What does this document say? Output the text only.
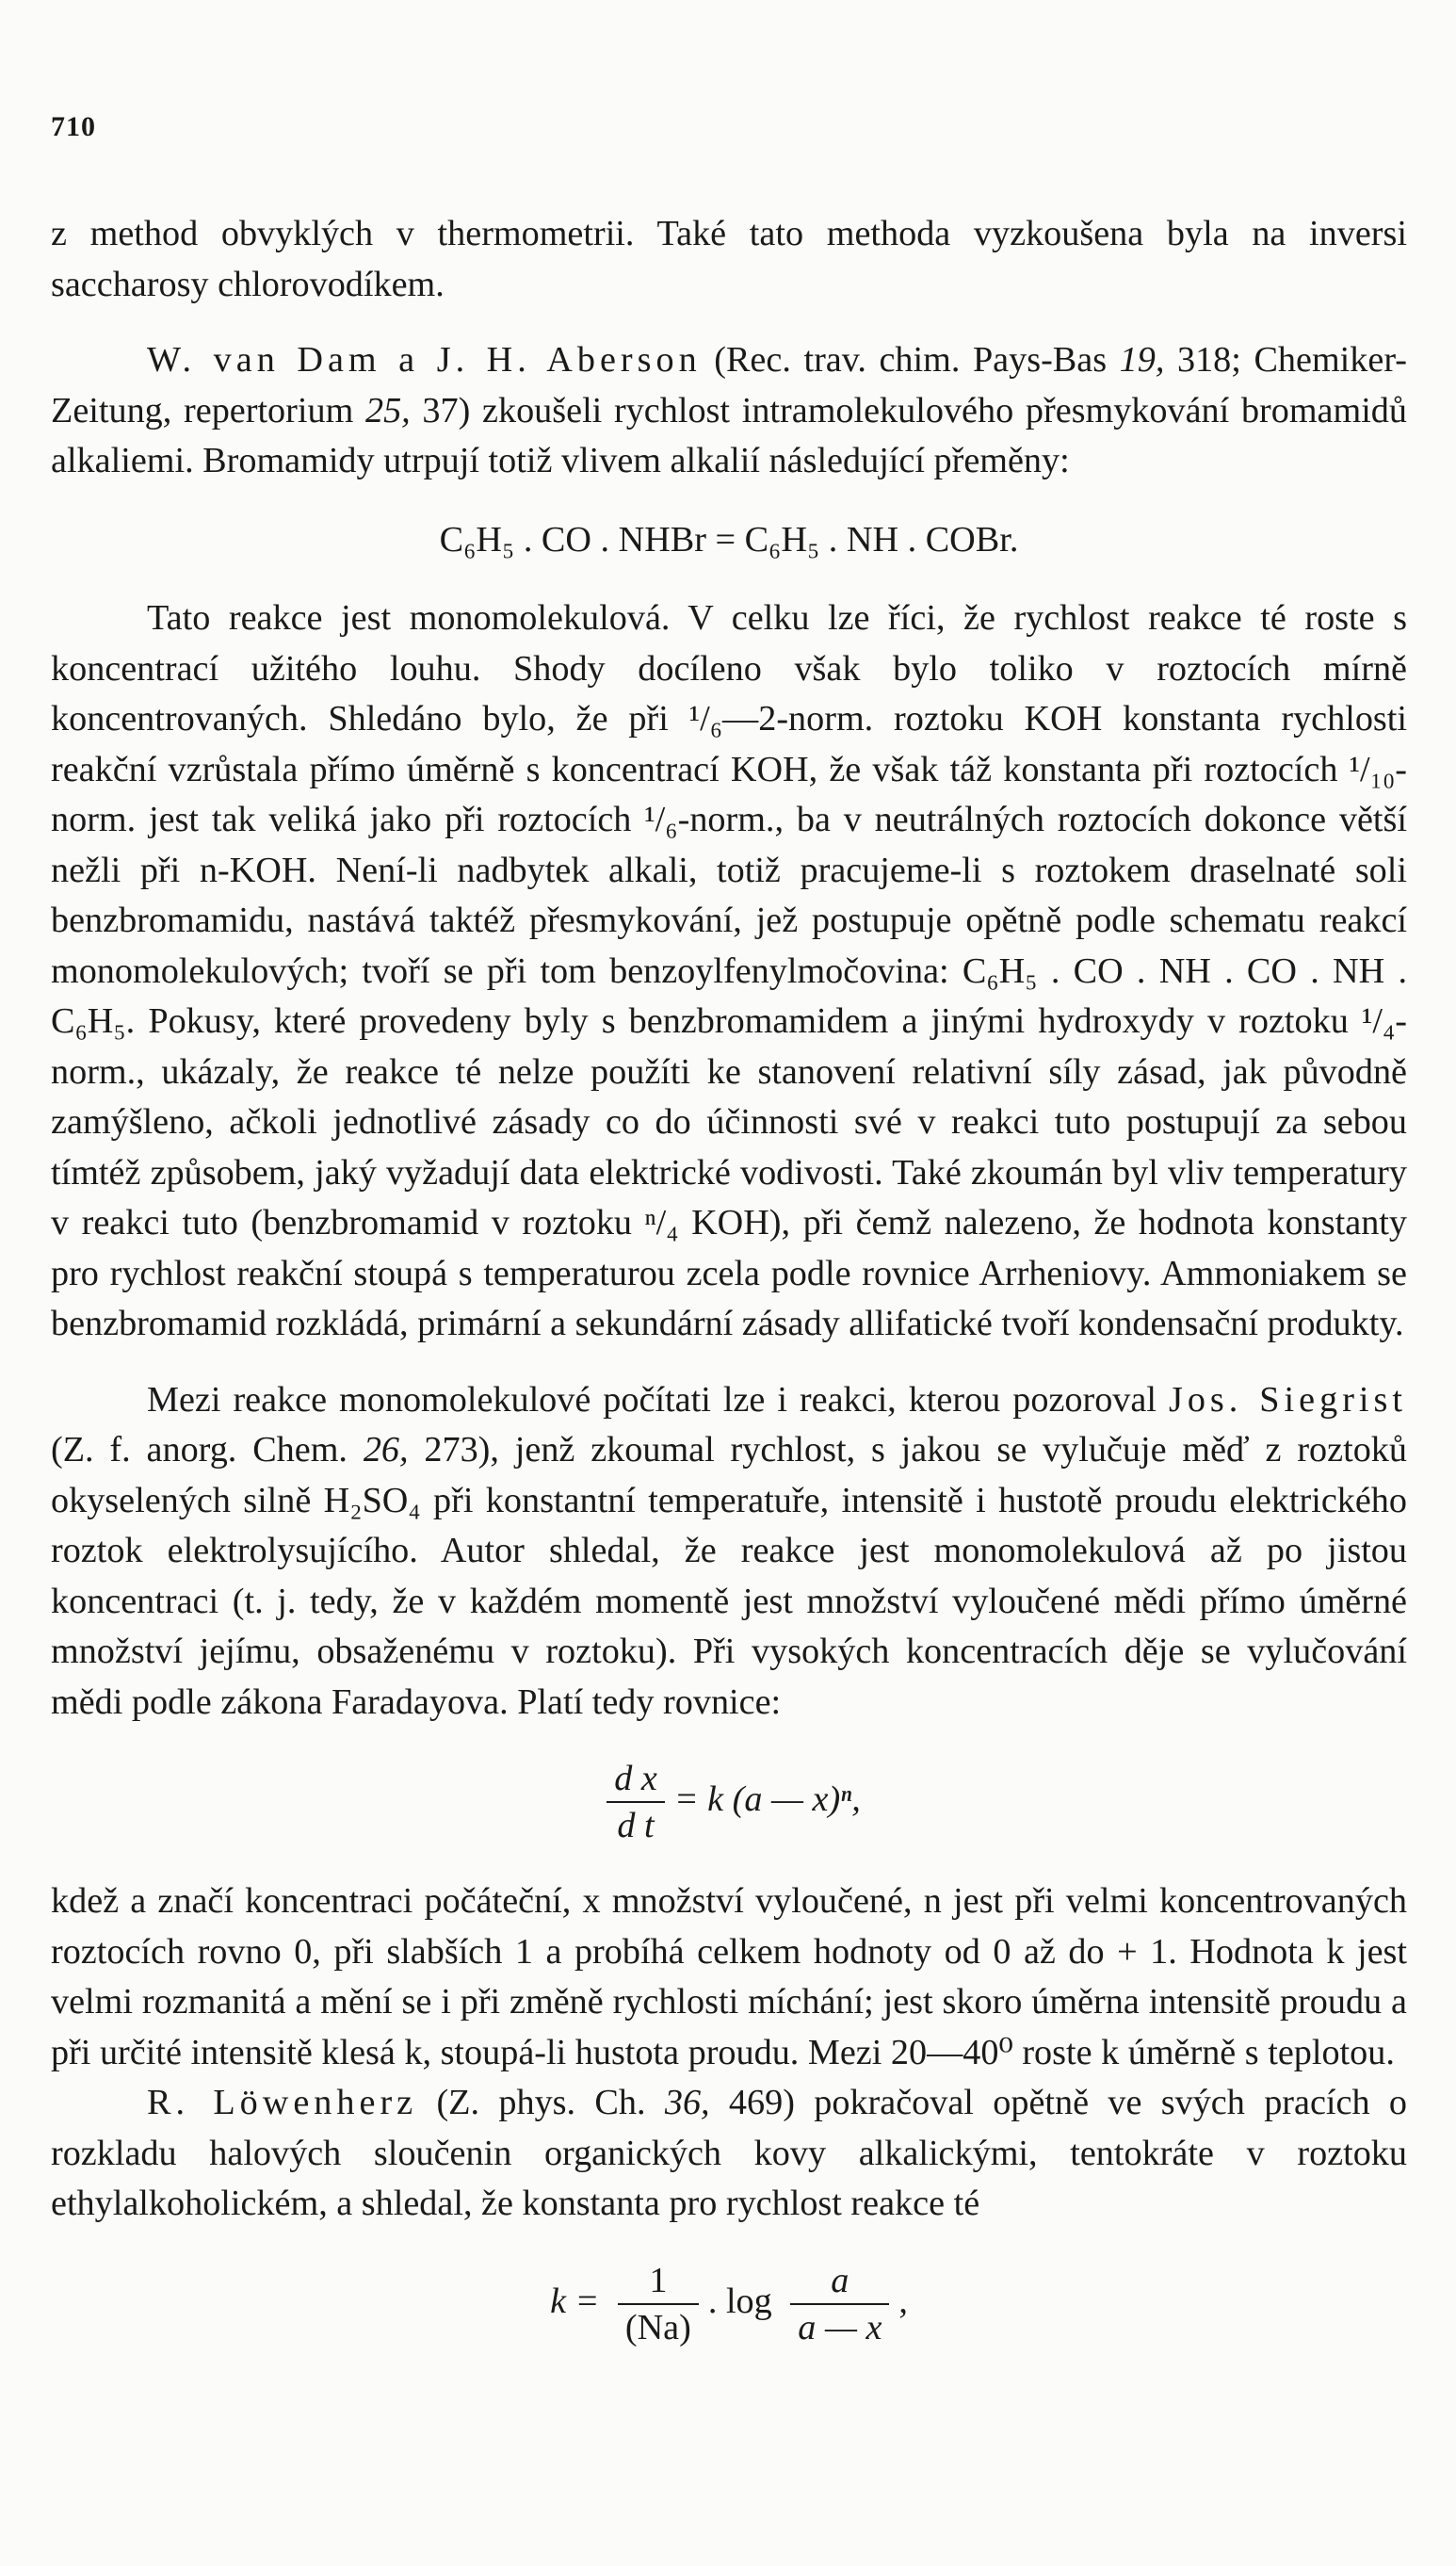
710

z method obvyklých v thermometrii. Také tato methoda vyzkoušena byla na inversi saccharosy chlorovodíkem.

W. van Dam a J. H. Aberson (Rec. trav. chim. Pays-Bas 19, 318; Chemiker-Zeitung, repertorium 25, 37) zkoušeli rychlost intramolekulového přesmykování bromamidů alkaliemi. Bromamidy utrpují totiž vlivem alkalií následující přeměny:

C₆H₅ . CO . NHBr = C₆H₅ . NH . COBr.

Tato reakce jest monomolekulová. V celku lze říci, že rychlost reakce té roste s koncentrací užitého louhu. Shody docíleno však bylo toliko v roztocích mírně koncentrovaných. Shledáno bylo, že při ¹/₆—2-norm. roztoku KOH konstanta rychlosti reakční vzrůstala přímo úměrně s koncentrací KOH, že však táž konstanta při roztocích ¹/₁₀-norm. jest tak veliká jako při roztocích ¹/₆-norm., ba v neutrálných roztocích dokonce větší nežli při n-KOH. Není-li nadbytek alkali, totiž pracujeme-li s roztokem draselnaté soli benzbromamidu, nastává taktéž přesmykování, jež postupuje opětně podle schematu reakcí monomolekulových; tvoří se při tom benzoylfenylmočovina: C₆H₅ . CO . NH . CO . NH . C₆H₅. Pokusy, které provedeny byly s benzbromamidem a jinými hydroxydy v roztoku ¹/₄-norm., ukázaly, že reakce té nelze použíti ke stanovení relativní síly zásad, jak původně zamýšleno, ačkoli jednotlivé zásady co do účinnosti své v reakci tuto postupují za sebou tímtéž způsobem, jaký vyžadují data elektrické vodivosti. Také zkoumán byl vliv temperatury v reakci tuto (benzbromamid v roztoku ⁿ/₄ KOH), při čemž nalezeno, že hodnota konstanty pro rychlost reakční stoupá s temperaturou zcela podle rovnice Arrheniovy. Ammoniakem se benzbromamid rozkládá, primární a sekundární zásady allifatické tvoří kondensační produkty.

Mezi reakce monomolekulové počítati lze i reakci, kterou pozoroval Jos. Siegrist (Z. f. anorg. Chem. 26, 273), jenž zkoumal rychlost, s jakou se vylučuje měď z roztoků okyselených silně H₂SO₄ při konstantní temperatuře, intensitě i hustotě proudu elektrického roztok elektrolysujícího. Autor shledal, že reakce jest monomolekulová až po jistou koncentraci (t. j. tedy, že v každém momentě jest množství vyloučené mědi přímo úměrné množství jejímu, obsaženému v roztoku). Při vysokých koncentracích děje se vylučování mědi podle zákona Faradayova. Platí tedy rovnice:

$\frac{\text{d x}}{\text{d t}} = k$ (a — x)ⁿ,

kdež a značí koncentraci počáteční, x množství vyloučené, n jest při velmi koncentrovaných roztocích rovno 0, při slabších 1 a probíhá celkem hodnoty od 0 až do + 1. Hodnota k jest velmi rozmanitá a mění se i při změně rychlosti míchání; jest skoro úměrna intensitě proudu a při určité intensitě klesá k, stoupá-li hustota proudu. Mezi 20—40⁰ roste k úměrně s teplotou.

R. Löwenherz (Z. phys. Ch. 36, 469) pokračoval opětně ve svých pracích o rozkladu halových sloučenin organických kovy alkalickými, tentokráte v roztoku ethylalkoholickém, a shledal, že konstanta pro rychlost reakce té

$k = \frac{1}{(Na)}$ . $\log \frac{a}{a — x}$ ,
